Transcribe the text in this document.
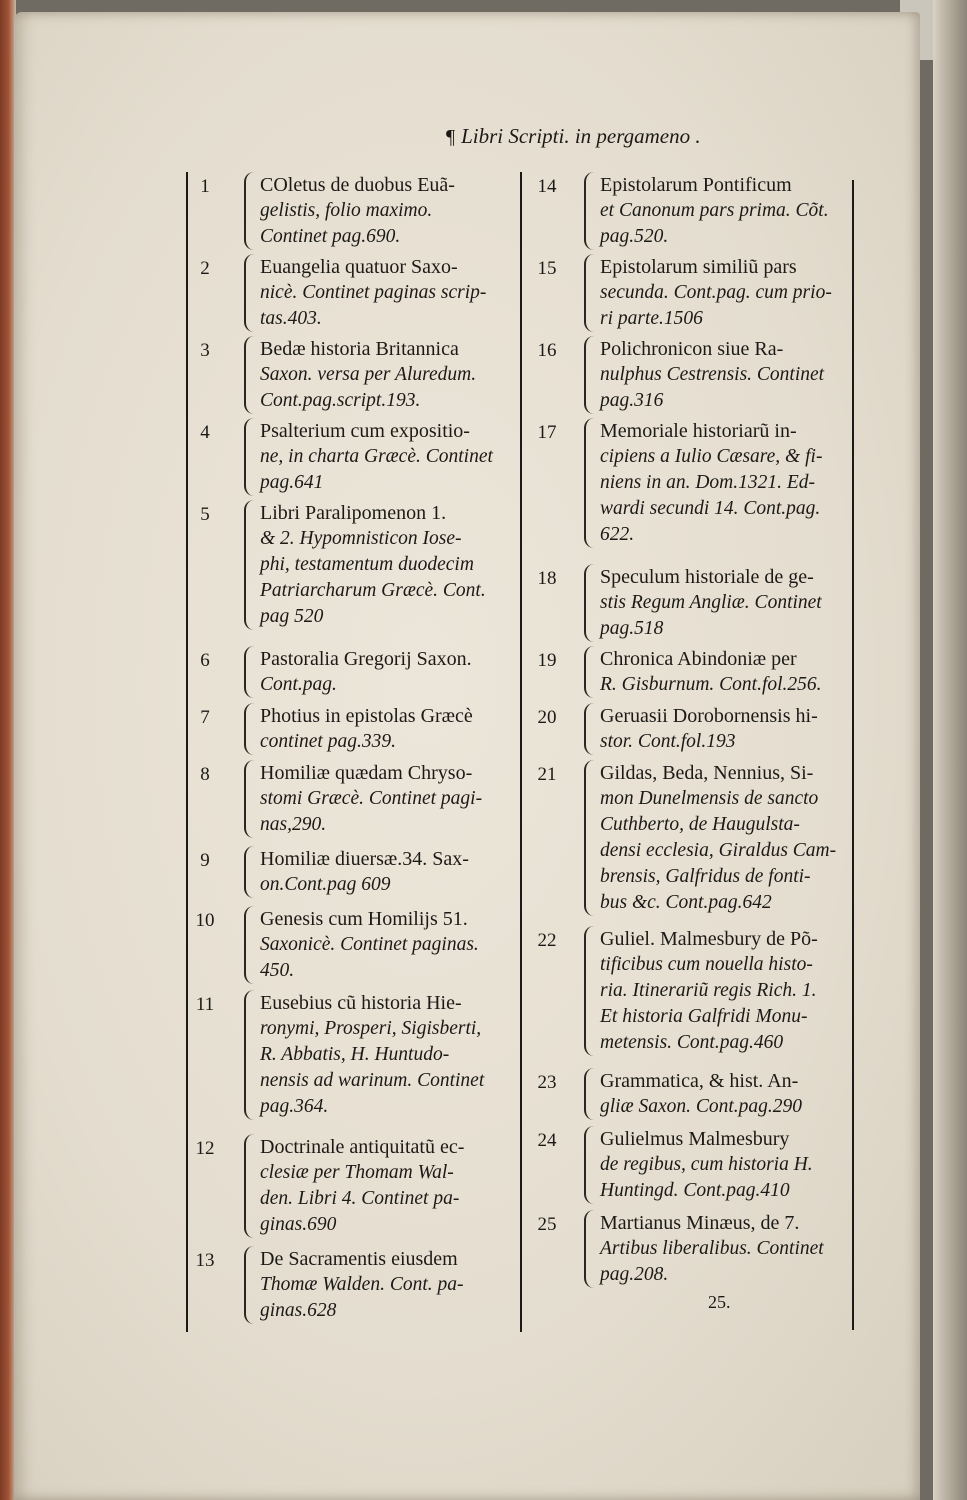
¶ Libri Scripti. in pergameno .
1	COletus de duobus Euã-
gelistis, folio maximo.
Continet pag.690.
2	Euangelia quatuor Saxo-
nicè. Continet paginas scrip-
tas.403.
3	Bedæ historia Britannica
Saxon. versa per Aluredum.
Cont.pag.script.193.
4	Psalterium cum expositio-
ne, in charta Græcè. Continet
pag.641
5	Libri Paralipomenon 1.
& 2. Hypomnisticon Iose-
phi, testamentum duodecim
Patriarcharum Græcè. Cont.
pag 520
6	Pastoralia Gregorij Saxon.
Cont.pag.
7	Photius in epistolas Græcè
continet pag.339.
8	Homiliæ quædam Chryso-
stomi Græcè. Continet pagi-
nas,290.
9	Homiliæ diuersæ.34. Sax-
on.Cont.pag 609
10	Genesis cum Homilijs 51.
Saxonicè. Continet paginas.
450.
11	Eusebius cũ historia Hie-
ronymi, Prosperi, Sigisberti,
R. Abbatis, H. Huntudo-
nensis ad warinum. Continet
pag.364.
12	Doctrinale antiquitatũ ec-
clesiæ per Thomam Wal-
den. Libri 4. Continet pa-
ginas.690
13	De Sacramentis eiusdem
Thomæ Walden. Cont. pa-
ginas.628
14	Epistolarum Pontificum
et Canonum pars prima. Cõt.
pag.520.
15	Epistolarum similiũ pars
secunda. Cont.pag. cum prio-
ri parte.1506
16	Polichronicon siue Ra-
nulphus Cestrensis. Continet
pag.316
17	Memoriale historiarũ in-
cipiens a Iulio Cæsare, & fi-
niens in an. Dom.1321. Ed-
wardi secundi 14. Cont.pag.
622.
18	Speculum historiale de ge-
stis Regum Angliæ. Continet
pag.518
19	Chronica Abindoniæ per
R. Gisburnum. Cont.fol.256.
20	Geruasii Dorobornensis hi-
stor. Cont.fol.193
21	Gildas, Beda, Nennius, Si-
mon Dunelmensis de sancto
Cuthberto, de Haugulsta-
densi ecclesia, Giraldus Cam-
brensis, Galfridus de fonti-
bus &c. Cont.pag.642
22	Guliel. Malmesbury de Põ-
tificibus cum nouella histo-
ria. Itinerariũ regis Rich. 1.
Et historia Galfridi Monu-
metensis. Cont.pag.460
23	Grammatica, & hist. An-
gliæ Saxon. Cont.pag.290
24	Gulielmus Malmesbury
de regibus, cum historia H.
Huntingd. Cont.pag.410
25	Martianus Minæus, de 7.
Artibus liberalibus. Continet
pag.208.
25.
